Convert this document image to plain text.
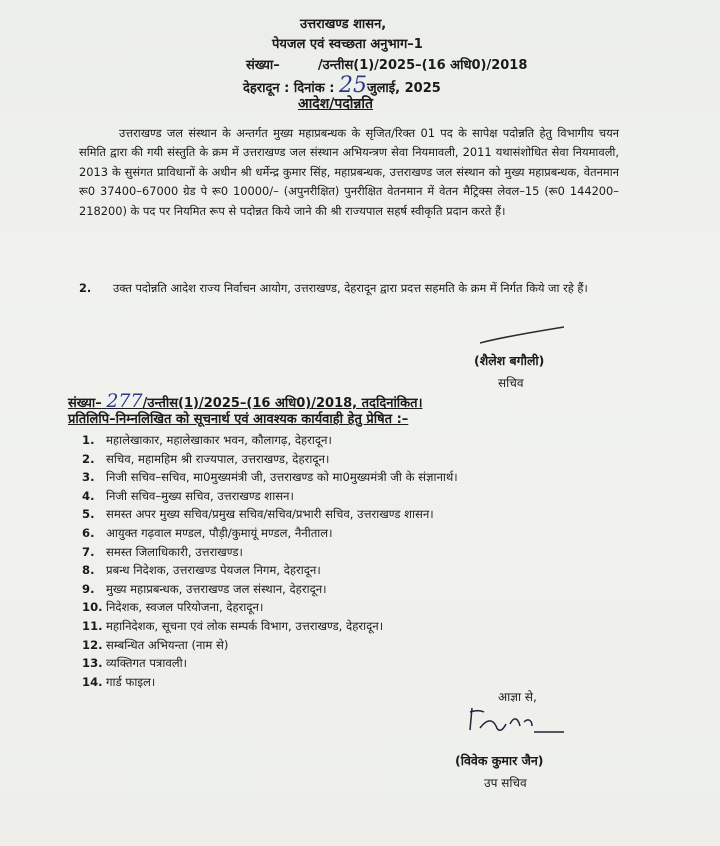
उत्तराखण्ड शासन,
पेयजल एवं स्वच्छता अनुभाग–1
संख्या–	/उन्तीस(1)/2025–(16 अधि0)/2018
देहरादून : दिनांक : 25जुलाई, 2025
आदेश/पदोन्नति
उत्तराखण्ड जल संस्थान के अन्तर्गत मुख्य महाप्रबन्धक के सृजित/रिक्त 01 पद के सापेक्ष पदोन्नति हेतु विभागीय चयन समिति द्वारा की गयी संस्तुति के क्रम में उत्तराखण्ड जल संस्थान अभियन्त्रण सेवा नियमावली, 2011 यथासंशोधित सेवा नियमावली, 2013 के सुसंगत प्राविधानों के अधीन श्री धर्मेन्द्र कुमार सिंह, महाप्रबन्धक, उत्तराखण्ड जल संस्थान को मुख्य महाप्रबन्धक, वेतनमान रू0 37400–67000 ग्रेड पे रू0 10000/– (अपुनरीक्षित) पुनरीक्षित वेतनमान में वेतन मैट्रिक्स लेवल–15 (रू0 144200–218200) के पद पर नियमित रूप से पदोन्नत किये जाने की श्री राज्यपाल सहर्ष स्वीकृति प्रदान करते हैं।
2. उक्त पदोन्नति आदेश राज्य निर्वाचन आयोग, उत्तराखण्ड, देहरादून द्वारा प्रदत्त सहमति के क्रम में निर्गत किये जा रहे हैं।
(शैलेश बगौली)
सचिव
संख्या– 277/उन्तीस(1)/2025–(16 अधि0)/2018, तददिनांकित।
प्रतिलिपि–निम्नलिखित को सूचनार्थ एवं आवश्यक कार्यवाही हेतु प्रेषित :–
1. महालेखाकार, महालेखाकार भवन, कौलागढ़, देहरादून।
2. सचिव, महामहिम श्री राज्यपाल, उत्तराखण्ड, देहरादून।
3. निजी सचिव–सचिव, मा0मुख्यमंत्री जी, उत्तराखण्ड को मा0मुख्यमंत्री जी के संज्ञानार्थ।
4. निजी सचिव–मुख्य सचिव, उत्तराखण्ड शासन।
5. समस्त अपर मुख्य सचिव/प्रमुख सचिव/सचिव/प्रभारी सचिव, उत्तराखण्ड शासन।
6. आयुक्त गढ़वाल मण्डल, पौड़ी/कुमायूं मण्डल, नैनीताल।
7. समस्त जिलाधिकारी, उत्तराखण्ड।
8. प्रबन्ध निदेशक, उत्तराखण्ड पेयजल निगम, देहरादून।
9. मुख्य महाप्रबन्धक, उत्तराखण्ड जल संस्थान, देहरादून।
10. निदेशक, स्वजल परियोजना, देहरादून।
11. महानिदेशक, सूचना एवं लोक सम्पर्क विभाग, उत्तराखण्ड, देहरादून।
12. सम्बन्धित अभियन्ता (नाम से)
13. व्यक्तिगत पत्रावली।
14. गार्ड फाइल।
आज्ञा से,
(विवेक कुमार जैन)
उप सचिव
